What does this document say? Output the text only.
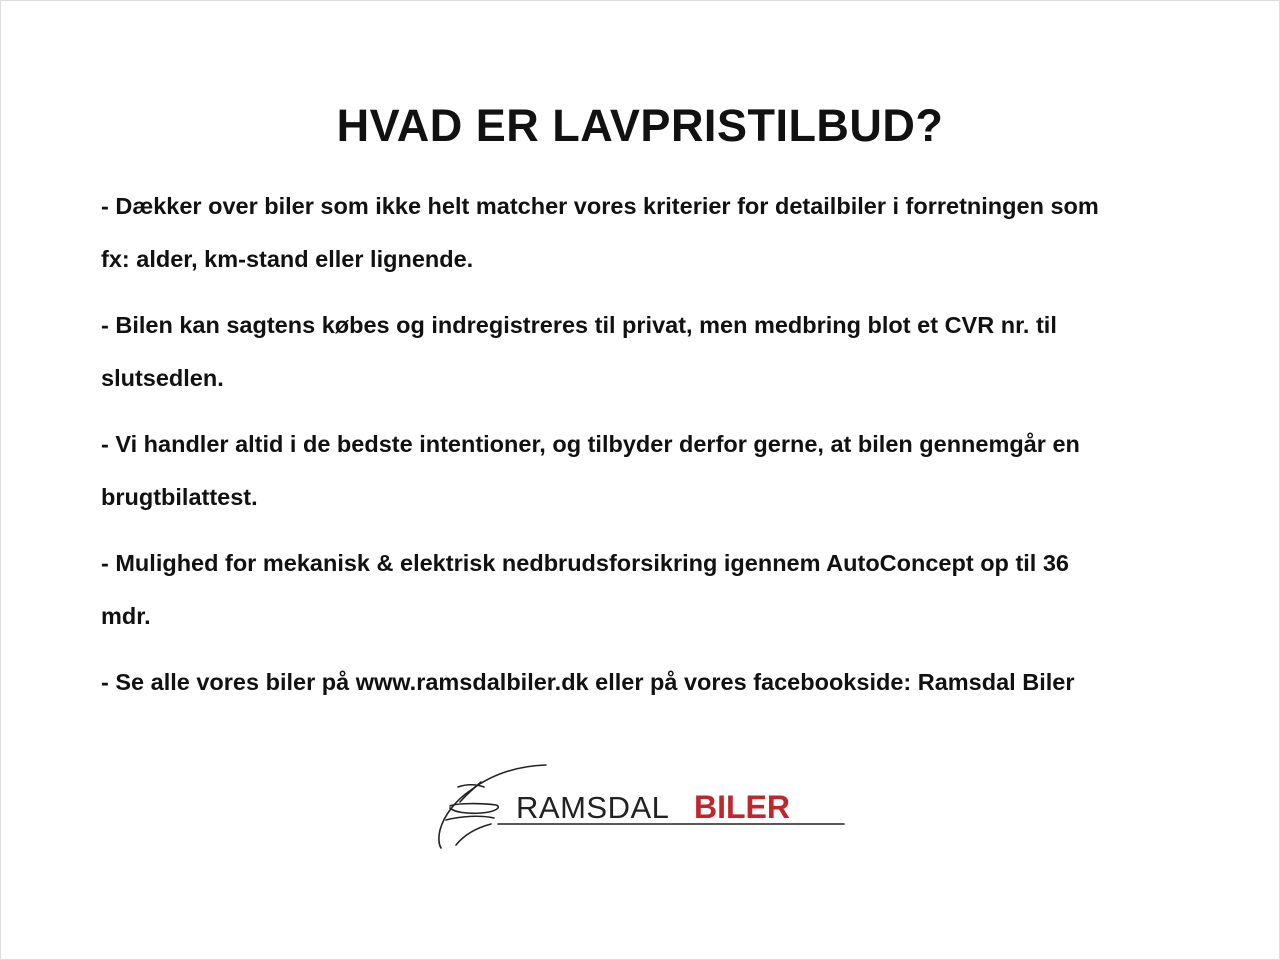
HVAD ER LAVPRISTILBUD?
- Dækker over biler som ikke helt matcher vores kriterier for detailbiler i forretningen som
fx: alder, km-stand eller lignende.
- Bilen kan sagtens købes og indregistreres til privat, men medbring blot et CVR nr. til
slutsedlen.
- Vi handler altid i de bedste intentioner, og tilbyder derfor gerne, at bilen gennemgår en
brugtbilattest.
- Mulighed for mekanisk & elektrisk nedbrudsforsikring igennem AutoConcept op til 36
mdr.
- Se alle vores biler på www.ramsdalbiler.dk eller på vores facebookside: Ramsdal Biler
RAMSDAL BILER
